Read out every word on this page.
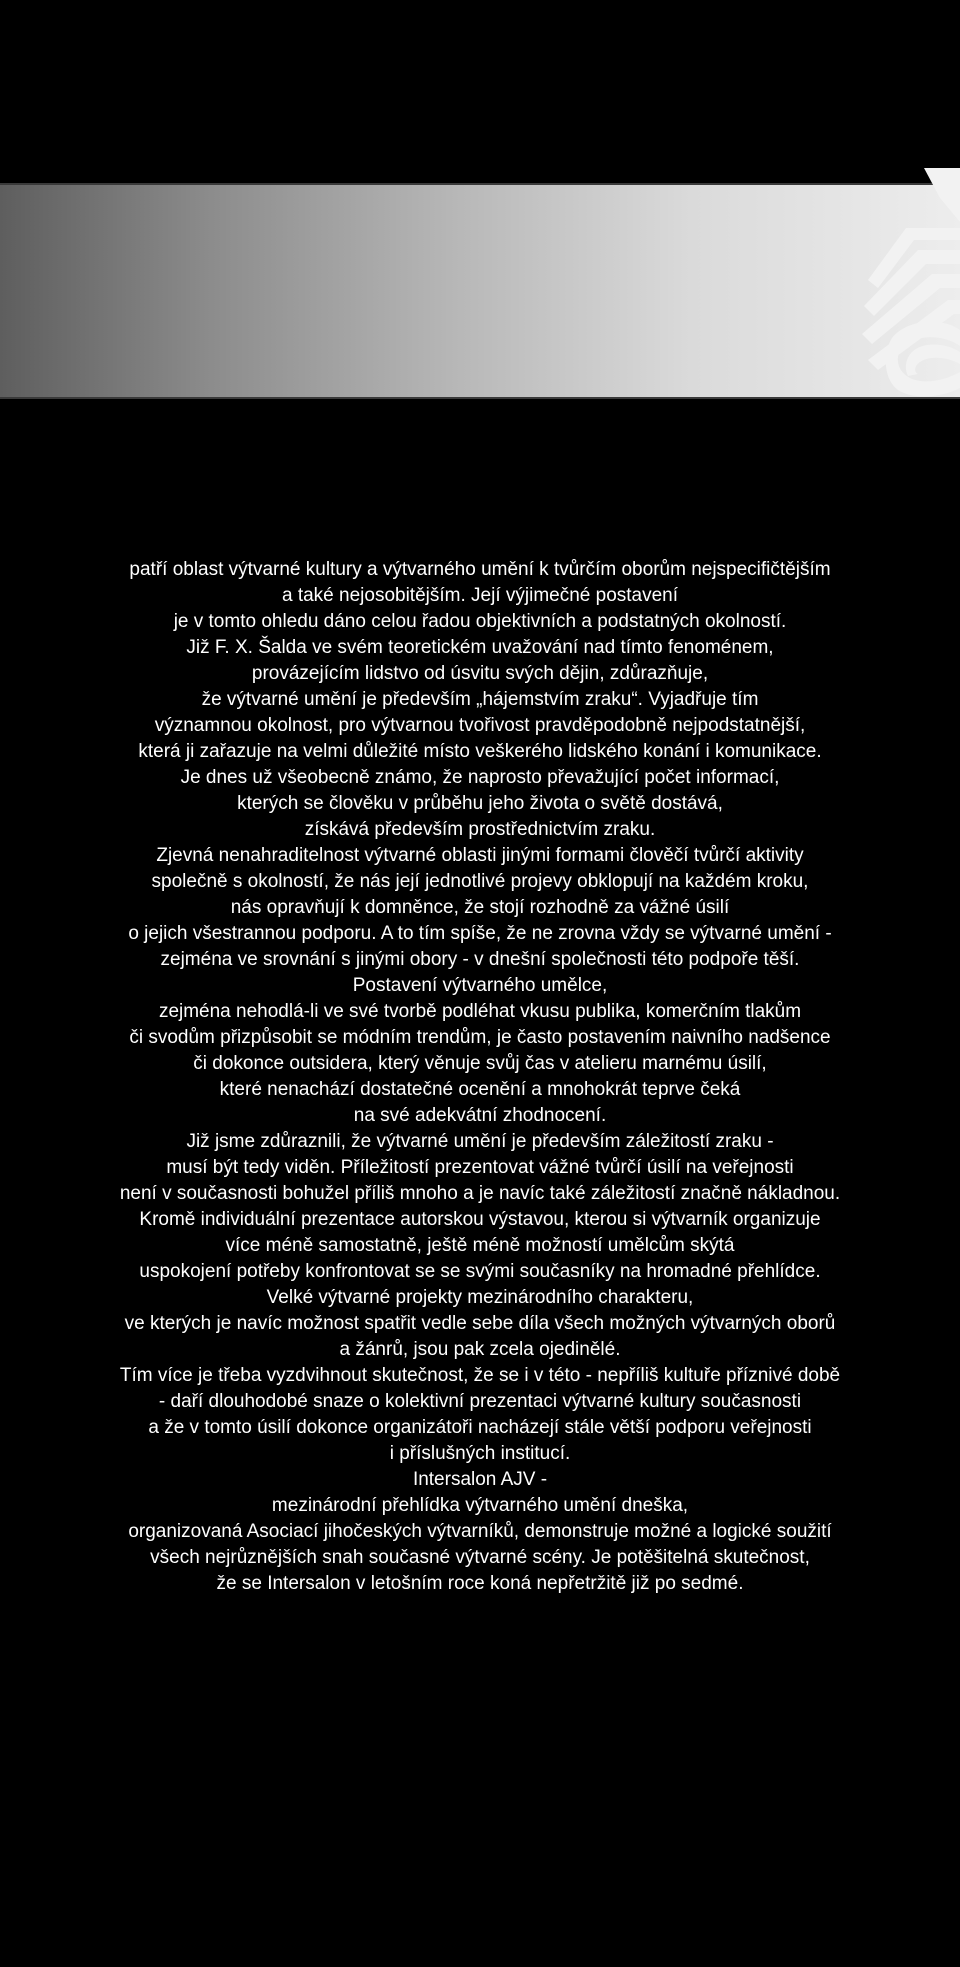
patří oblast výtvarné kultury a výtvarného umění k tvůrčím oborům nejspecifičtějším
a také nejosobitějším. Její výjimečné postavení
je v tomto ohledu dáno celou řadou objektivních a podstatných okolností.
Již F. X. Šalda ve svém teoretickém uvažování nad tímto fenoménem,
provázejícím lidstvo od úsvitu svých dějin, zdůrazňuje,
že výtvarné umění je především „hájemstvím zraku“. Vyjadřuje tím
významnou okolnost, pro výtvarnou tvořivost pravděpodobně nejpodstatnější,
která ji zařazuje na velmi důležité místo veškerého lidského konání i komunikace.
Je dnes už všeobecně známo, že naprosto převažující počet informací,
kterých se člověku v průběhu jeho života o světě dostává,
získává především prostřednictvím zraku.
Zjevná nenahraditelnost výtvarné oblasti jinými formami člověčí tvůrčí aktivity
společně s okolností, že nás její jednotlivé projevy obklopují na každém kroku,
nás opravňují k domněnce, že stojí rozhodně za vážné úsilí
o jejich všestrannou podporu. A to tím spíše, že ne zrovna vždy se výtvarné umění -
zejména ve srovnání s jinými obory - v dnešní společnosti této podpoře těší.
Postavení výtvarného umělce,
zejména nehodlá-li ve své tvorbě podléhat vkusu publika, komerčním tlakům
či svodům přizpůsobit se módním trendům, je často postavením naivního nadšence
či dokonce outsidera, který věnuje svůj čas v atelieru marnému úsilí,
které nenachází dostatečné ocenění a mnohokrát teprve čeká
na své adekvátní zhodnocení.
Již jsme zdůraznili, že výtvarné umění je především záležitostí zraku -
musí být tedy viděn. Příležitostí prezentovat vážné tvůrčí úsilí na veřejnosti
není v současnosti bohužel příliš mnoho a je navíc také záležitostí značně nákladnou.
Kromě individuální prezentace autorskou výstavou, kterou si výtvarník organizuje
více méně samostatně, ještě méně možností umělcům skýtá
uspokojení potřeby konfrontovat se se svými současníky na hromadné přehlídce.
Velké výtvarné projekty mezinárodního charakteru,
ve kterých je navíc možnost spatřit vedle sebe díla všech možných výtvarných oborů
a žánrů, jsou pak zcela ojedinělé.
Tím více je třeba vyzdvihnout skutečnost, že se i v této - nepříliš kultuře příznivé době
- daří dlouhodobé snaze o kolektivní prezentaci výtvarné kultury současnosti
a že v tomto úsilí dokonce organizátoři nacházejí stále větší podporu veřejnosti
i příslušných institucí.
Intersalon AJV -
mezinárodní přehlídka výtvarného umění dneška,
organizovaná Asociací jihočeských výtvarníků, demonstruje možné a logické soužití
všech nejrůznějších snah současné výtvarné scény. Je potěšitelná skutečnost,
že se Intersalon v letošním roce koná nepřetržitě již po sedmé.
